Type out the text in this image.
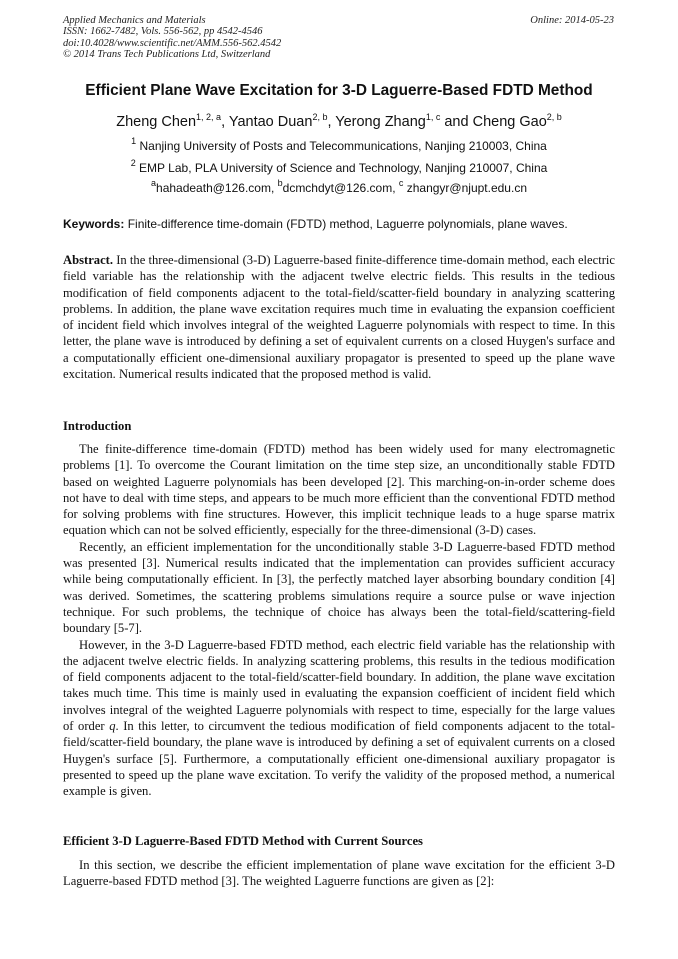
Applied Mechanics and Materials
ISSN: 1662-7482, Vols. 556-562, pp 4542-4546
doi:10.4028/www.scientific.net/AMM.556-562.4542
© 2014 Trans Tech Publications Ltd, Switzerland
Online: 2014-05-23
Efficient Plane Wave Excitation for 3-D Laguerre-Based FDTD Method
Zheng Chen$^{1, 2, a}$, Yantao Duan$^{2, b}$, Yerong Zhang$^{1, c}$ and Cheng Gao$^{2, b}$
$^1$ Nanjing University of Posts and Telecommunications, Nanjing 210003, China
$^2$ EMP Lab, PLA University of Science and Technology, Nanjing 210007, China
$^a$hahadeath@126.com, $^b$dcmchdyt@126.com, $^c$ zhangyr@njupt.edu.cn
Keywords: Finite-difference time-domain (FDTD) method, Laguerre polynomials, plane waves.
Abstract. In the three-dimensional (3-D) Laguerre-based finite-difference time-domain method, each electric field variable has the relationship with the adjacent twelve electric fields. This results in the tedious modification of field components adjacent to the total-field/scatter-field boundary in analyzing scattering problems. In addition, the plane wave excitation requires much time in evaluating the expansion coefficient of incident field which involves integral of the weighted Laguerre polynomials with respect to time. In this letter, the plane wave is introduced by defining a set of equivalent currents on a closed Huygen's surface and a computationally efficient one-dimensional auxiliary propagator is presented to speed up the plane wave excitation. Numerical results indicated that the proposed method is valid.
Introduction

The finite-difference time-domain (FDTD) method has been widely used for many electromagnetic problems [1]. To overcome the Courant limitation on the time step size, an unconditionally stable FDTD based on weighted Laguerre polynomials has been developed [2]. This marching-on-in-order scheme does not have to deal with time steps, and appears to be much more efficient than the conventional FDTD method for solving problems with fine structures. However, this implicit technique leads to a huge sparse matrix equation which can not be solved efficiently, especially for the three-dimensional (3-D) cases.

Recently, an efficient implementation for the unconditionally stable 3-D Laguerre-based FDTD method was presented [3]. Numerical results indicated that the implementation can provides sufficient accuracy while being computationally efficient. In [3], the perfectly matched layer absorbing boundary condition [4] was derived. Sometimes, the scattering problems simulations require a source pulse or wave injection technique. For such problems, the technique of choice has always been the total-field/scattering-field boundary [5-7].

However, in the 3-D Laguerre-based FDTD method, each electric field variable has the relationship with the adjacent twelve electric fields. In analyzing scattering problems, this results in the tedious modification of field components adjacent to the total-field/scatter-field boundary. In addition, the plane wave excitation takes much time. This time is mainly used in evaluating the expansion coefficient of incident field which involves integral of the weighted Laguerre polynomials with respect to time, especially for the large values of order q. In this letter, to circumvent the tedious modification of field components adjacent to the total-field/scatter-field boundary, the plane wave is introduced by defining a set of equivalent currents on a closed Huygen's surface [5]. Furthermore, a computationally efficient one-dimensional auxiliary propagator is presented to speed up the plane wave excitation. To verify the validity of the proposed method, a numerical example is given.

Efficient 3-D Laguerre-Based FDTD Method with Current Sources

In this section, we describe the efficient implementation of plane wave excitation for the efficient 3-D Laguerre-based FDTD method [3]. The weighted Laguerre functions are given as [2]:
